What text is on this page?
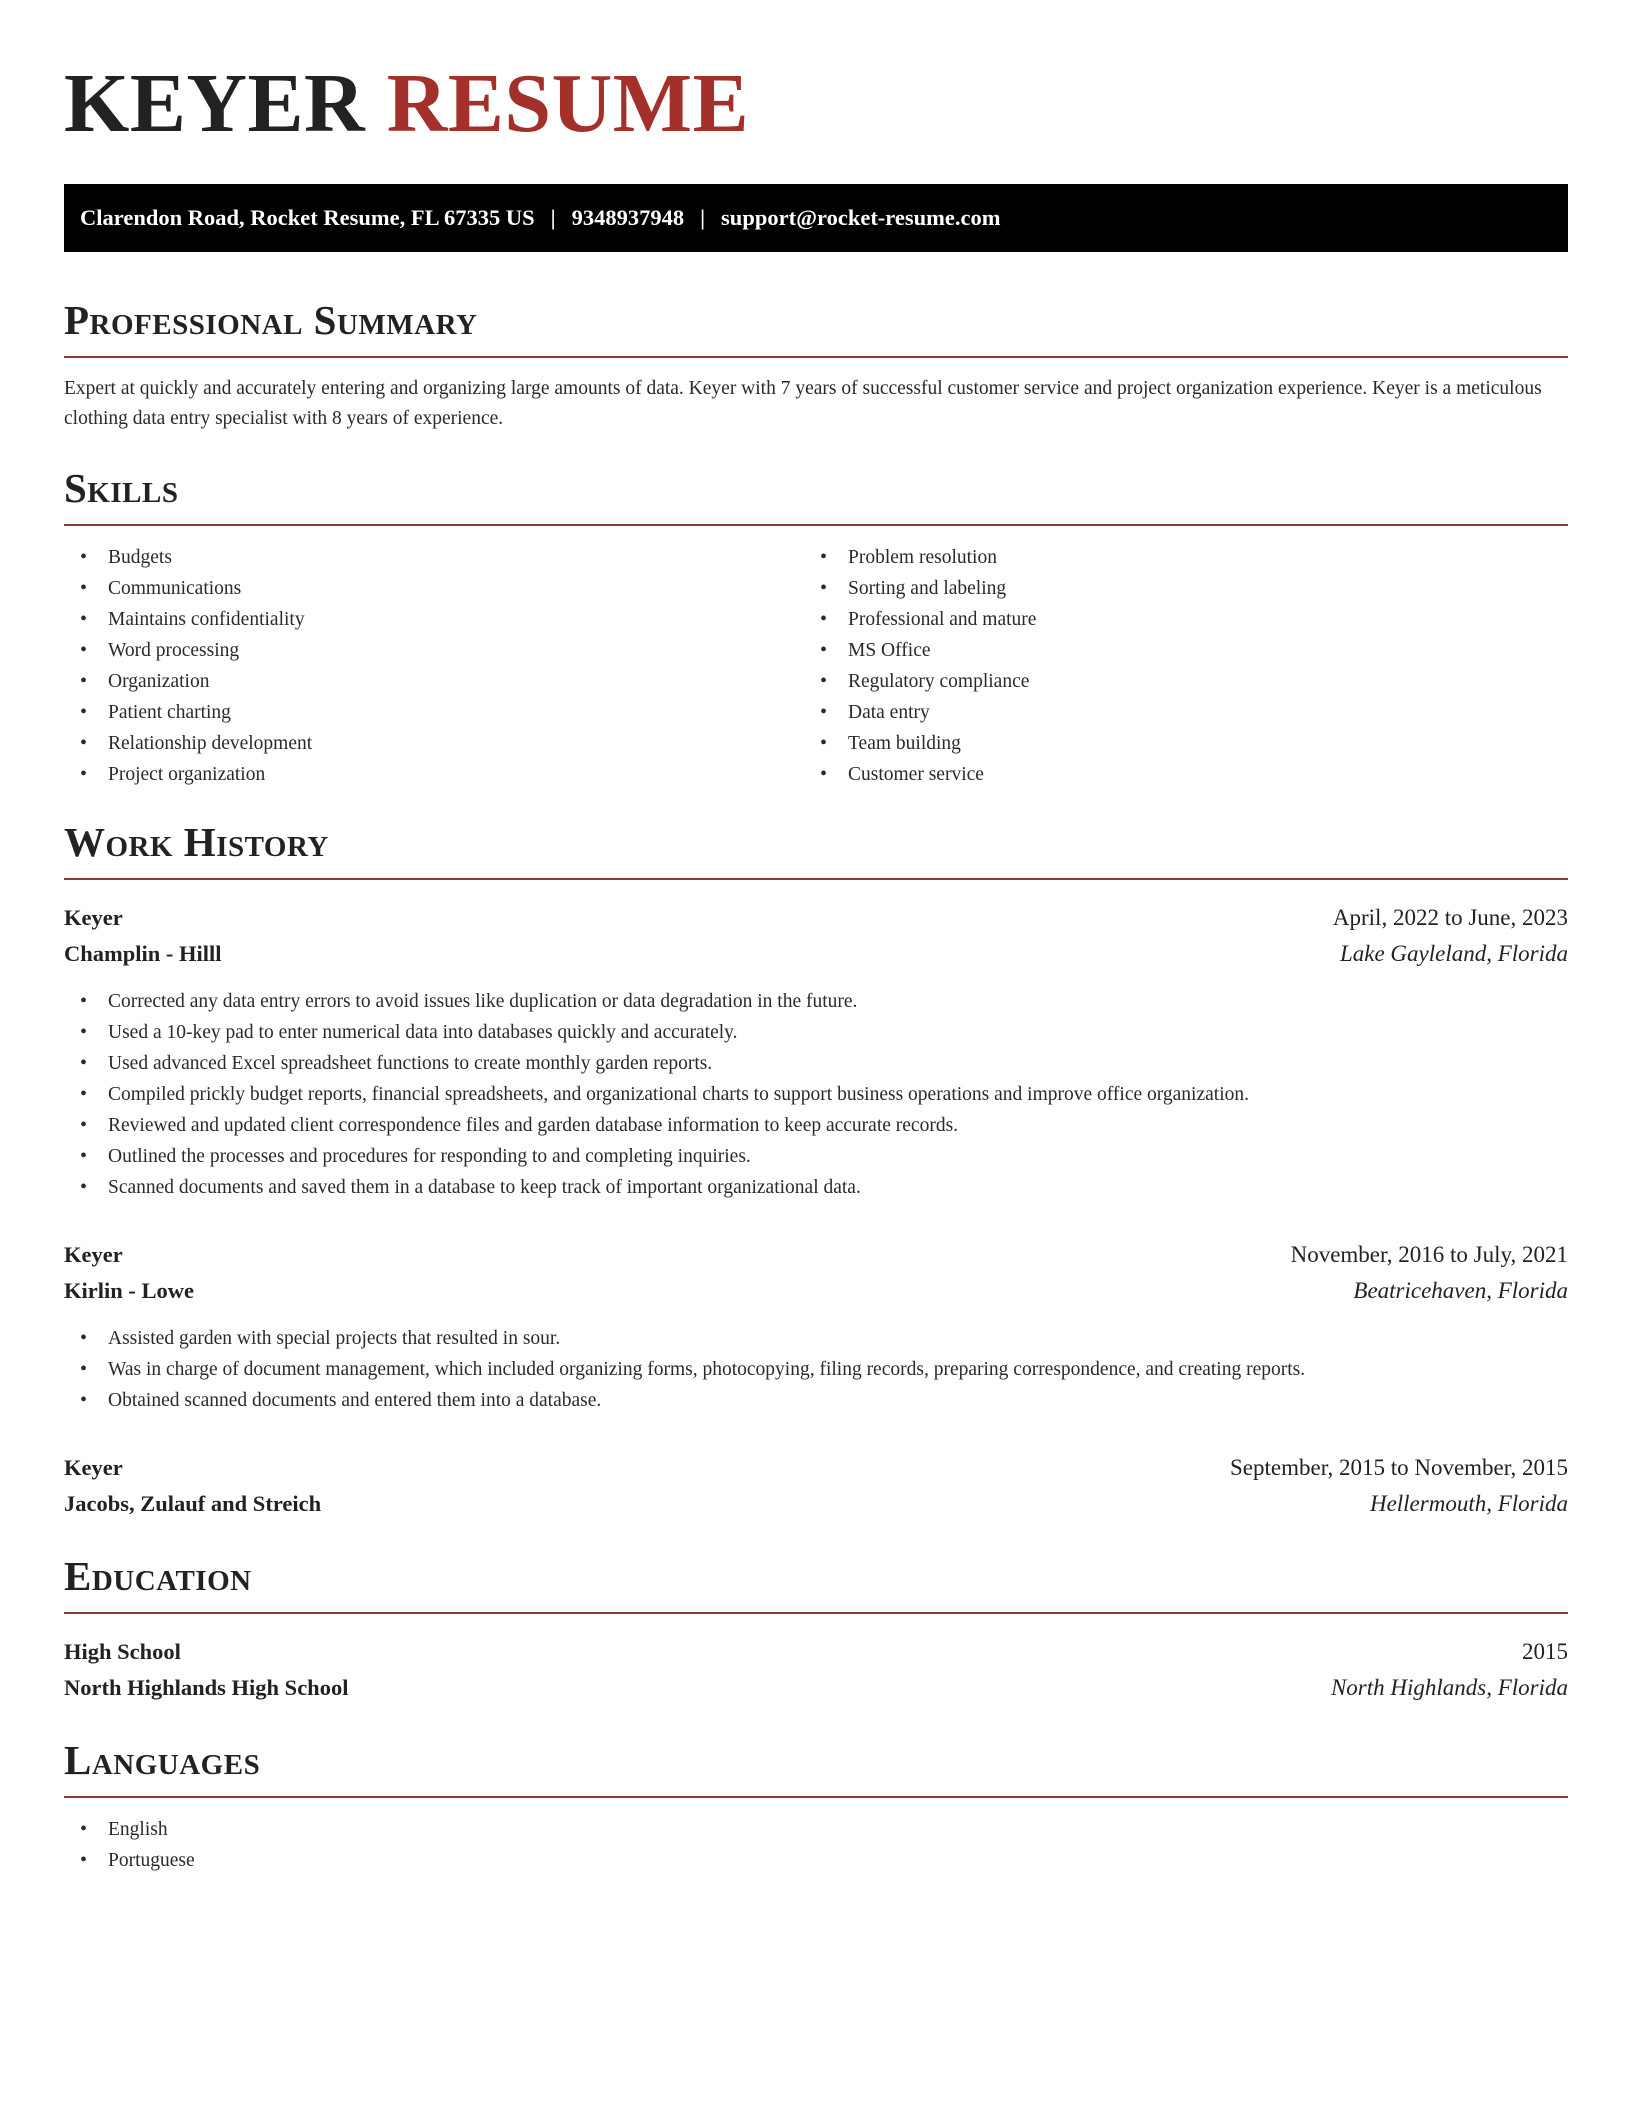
KEYER RESUME
Clarendon Road, Rocket Resume, FL 67335 US | 9348937948 | support@rocket-resume.com
Professional Summary

Expert at quickly and accurately entering and organizing large amounts of data. Keyer with 7 years of successful customer service and project organization experience. Keyer is a meticulous clothing data entry specialist with 8 years of experience.

Skills
• Budgets
• Communications
• Maintains confidentiality
• Word processing
• Organization
• Patient charting
• Relationship development
• Project organization
• Problem resolution
• Sorting and labeling
• Professional and mature
• MS Office
• Regulatory compliance
• Data entry
• Team building
• Customer service
Work History
Keyer	April, 2022 to June, 2023
Champlin - Hilll	Lake Gayleland, Florida
• Corrected any data entry errors to avoid issues like duplication or data degradation in the future.
• Used a 10-key pad to enter numerical data into databases quickly and accurately.
• Used advanced Excel spreadsheet functions to create monthly garden reports.
• Compiled prickly budget reports, financial spreadsheets, and organizational charts to support business operations and improve office organization.
• Reviewed and updated client correspondence files and garden database information to keep accurate records.
• Outlined the processes and procedures for responding to and completing inquiries.
• Scanned documents and saved them in a database to keep track of important organizational data.
Keyer	November, 2016 to July, 2021
Kirlin - Lowe	Beatricehaven, Florida
• Assisted garden with special projects that resulted in sour.
• Was in charge of document management, which included organizing forms, photocopying, filing records, preparing correspondence, and creating reports.
• Obtained scanned documents and entered them into a database.
Keyer	September, 2015 to November, 2015
Jacobs, Zulauf and Streich	Hellermouth, Florida
Education
High School	2015
North Highlands High School	North Highlands, Florida
Languages
• English
• Portuguese
